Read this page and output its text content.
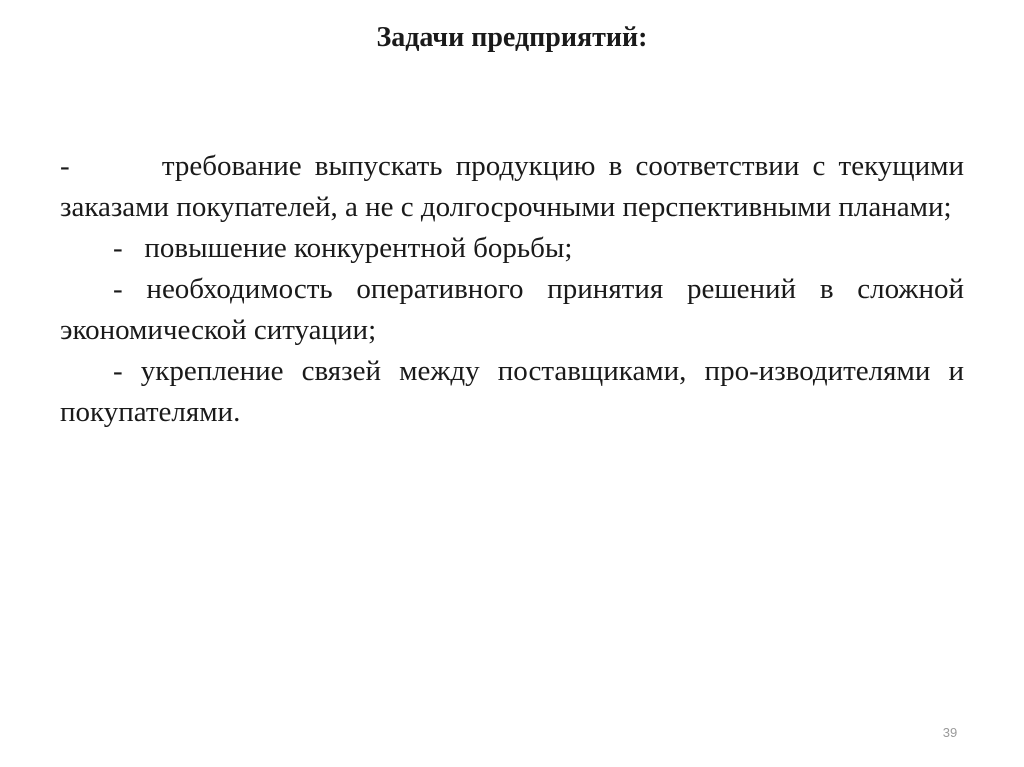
Задачи предприятий:

-       требование выпускать продукцию в соответствии с текущими заказами покупателей, а не с долгосрочными перспективными планами;

-   повышение конкурентной борьбы;

- необходимость оперативного принятия решений в сложной экономической ситуации;

- укрепление связей между поставщиками, про-изводителями и покупателями.

39
